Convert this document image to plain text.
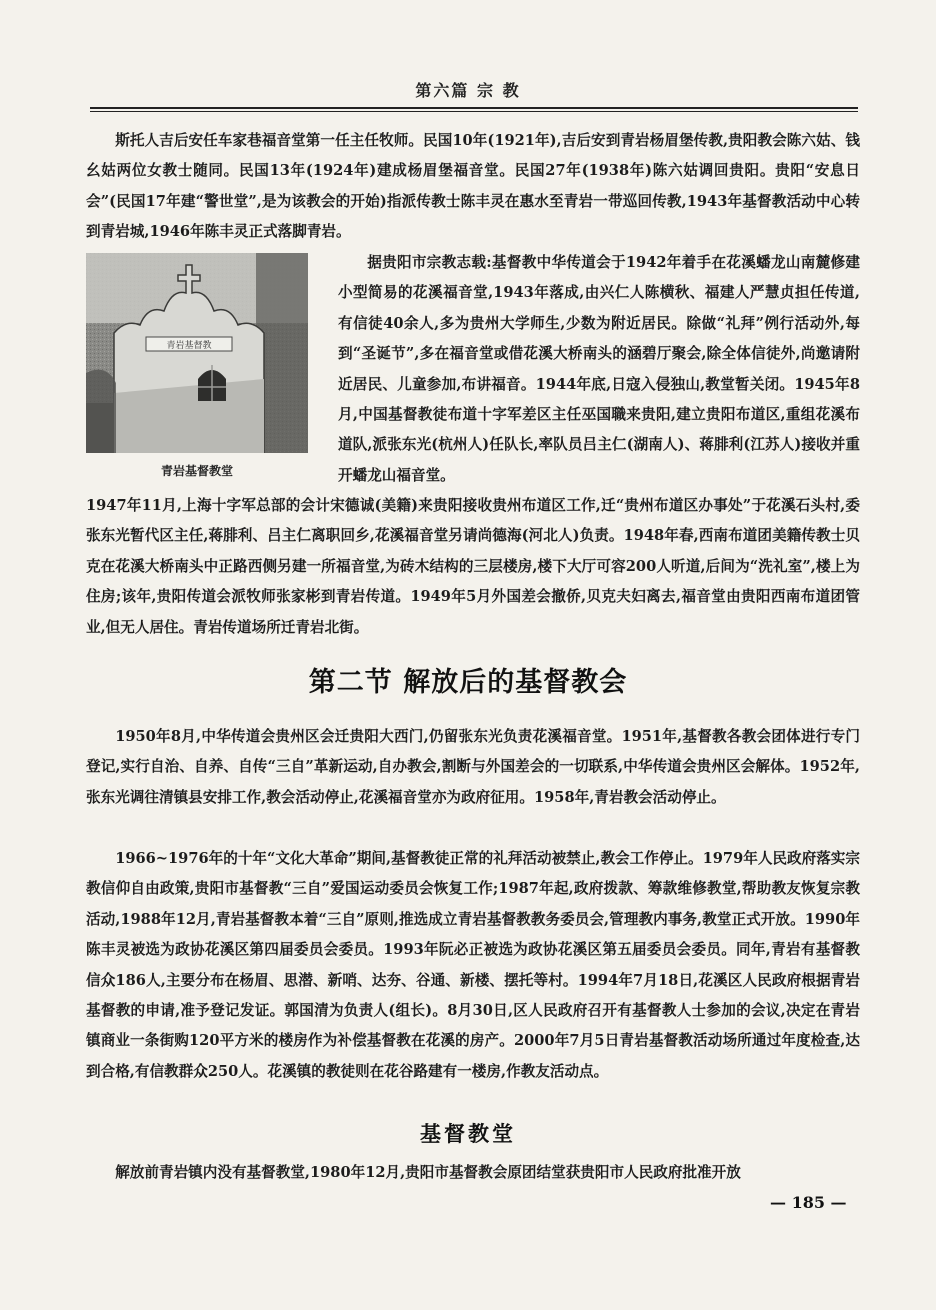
第六篇 宗 教
斯托人吉后安任车家巷福音堂第一任主任牧师。民国10年(1921年),吉后安到青岩杨眉堡传教,贵阳教会陈六姑、钱幺姑两位女教士随同。民国13年(1924年)建成杨眉堡福音堂。民国27年(1938年)陈六姑调回贵阳。贵阳“安息日会”(民国17年建“警世堂”,是为该教会的开始)指派传教士陈丰灵在惠水至青岩一带巡回传教,1943年基督教活动中心转到青岩城,1946年陈丰灵正式落脚青岩。
青岩基督教
青岩基督教堂
据贵阳市宗教志载:基督教中华传道会于1942年着手在花溪蟠龙山南麓修建小型简易的花溪福音堂,1943年落成,由兴仁人陈横秋、福建人严慧贞担任传道,有信徒40余人,多为贵州大学师生,少数为附近居民。除做“礼拜”例行活动外,每到“圣诞节”,多在福音堂或借花溪大桥南头的涵碧厅聚会,除全体信徒外,尚邀请附近居民、儿童参加,布讲福音。1944年底,日寇入侵独山,教堂暂关闭。1945年8月,中国基督教徒布道十字军差区主任巫国職来贵阳,建立贵阳布道区,重组花溪布道队,派张东光(杭州人)任队长,率队员吕主仁(湖南人)、蒋腓利(江苏人)接收并重开蟠龙山福音堂。
1947年11月,上海十字军总部的会计宋德诚(美籍)来贵阳接收贵州布道区工作,迁“贵州布道区办事处”于花溪石头村,委张东光暂代区主任,蒋腓利、吕主仁离职回乡,花溪福音堂另请尚德海(河北人)负责。1948年春,西南布道团美籍传教士贝克在花溪大桥南头中正路西侧另建一所福音堂,为砖木结构的三层楼房,楼下大厅可容200人听道,后间为“洗礼室”,楼上为住房;该年,贵阳传道会派牧师张家彬到青岩传道。1949年5月外国差会撤侨,贝克夫妇离去,福音堂由贵阳西南布道团管业,但无人居住。青岩传道场所迁青岩北街。
第二节 解放后的基督教会
1950年8月,中华传道会贵州区会迁贵阳大西门,仍留张东光负责花溪福音堂。1951年,基督教各教会团体进行专门登记,实行自治、自养、自传“三自”革新运动,自办教会,割断与外国差会的一切联系,中华传道会贵州区会解体。1952年,张东光调往清镇县安排工作,教会活动停止,花溪福音堂亦为政府征用。1958年,青岩教会活动停止。
1966~1976年的十年“文化大革命”期间,基督教徒正常的礼拜活动被禁止,教会工作停止。1979年人民政府落实宗教信仰自由政策,贵阳市基督教“三自”爱国运动委员会恢复工作;1987年起,政府拨款、筹款维修教堂,帮助教友恢复宗教活动,1988年12月,青岩基督教本着“三自”原则,推选成立青岩基督教教务委员会,管理教内事务,教堂正式开放。1990年陈丰灵被选为政协花溪区第四届委员会委员。1993年阮必正被选为政协花溪区第五届委员会委员。同年,青岩有基督教信众186人,主要分布在杨眉、思潜、新哨、达夯、谷通、新楼、摆托等村。1994年7月18日,花溪区人民政府根据青岩基督教的申请,准予登记发证。郭国清为负责人(组长)。8月30日,区人民政府召开有基督教人士参加的会议,决定在青岩镇商业一条街购120平方米的楼房作为补偿基督教在花溪的房产。2000年7月5日青岩基督教活动场所通过年度检查,达到合格,有信教群众250人。花溪镇的教徒则在花谷路建有一楼房,作教友活动点。
基督教堂
解放前青岩镇内没有基督教堂,1980年12月,贵阳市基督教会原团结堂获贵阳市人民政府批准开放
— 185 —
